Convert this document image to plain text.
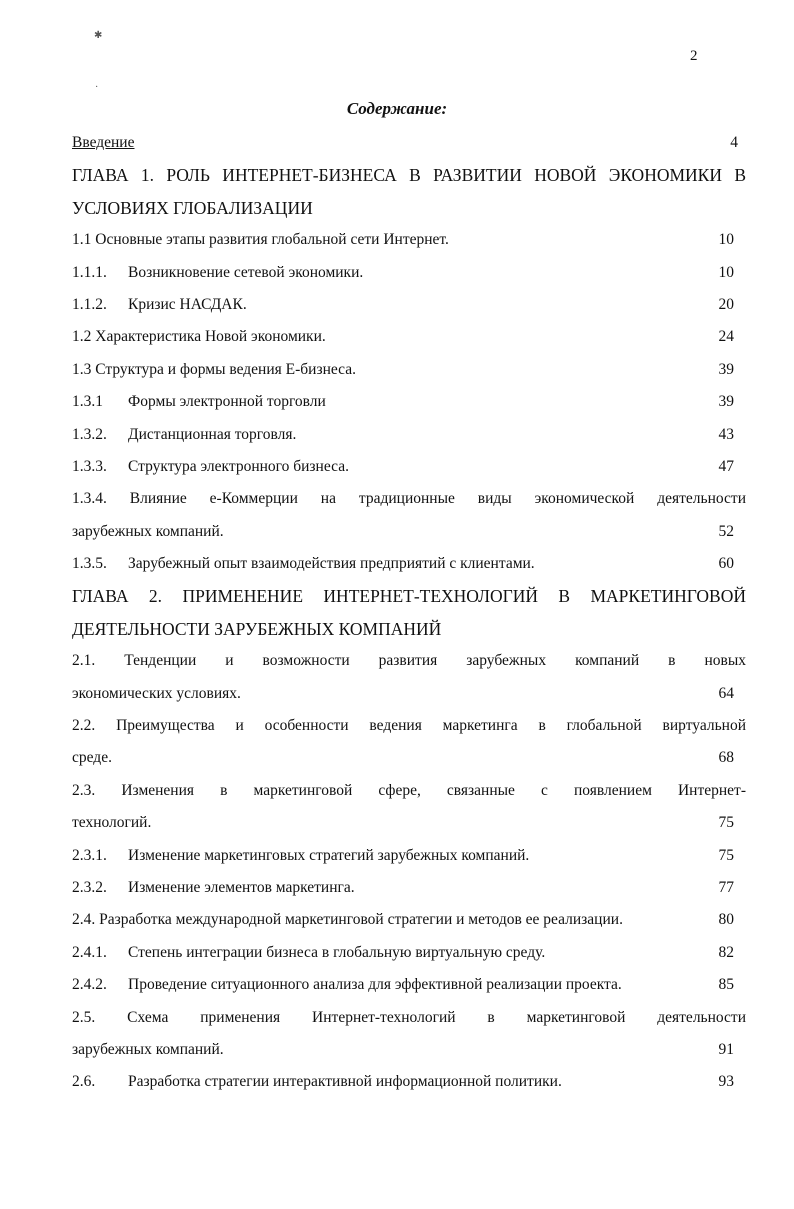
✱
·
2
Содержание:
Введение	4
ГЛАВА 1. РОЛЬ ИНТЕРНЕТ-БИЗНЕСА В РАЗВИТИИ НОВОЙ ЭКОНОМИКИ В
УСЛОВИЯХ ГЛОБАЛИЗАЦИИ
1.1 Основные этапы развития глобальной сети Интернет.	10
1.1.1. Возникновение сетевой экономики.	10
1.1.2. Кризис НАСДАК.	20
1.2 Характеристика Новой экономики.	24
1.3 Структура и формы ведения Е-бизнеса.	39
1.3.1 Формы электронной торговли	39
1.3.2. Дистанционная торговля.	43
1.3.3. Структура электронного бизнеса.	47
1.3.4. Влияние е-Коммерции на традиционные виды экономической деятельности
зарубежных компаний.	52
1.3.5. Зарубежный опыт взаимодействия предприятий с клиентами.	60
ГЛАВА 2. ПРИМЕНЕНИЕ ИНТЕРНЕТ-ТЕХНОЛОГИЙ В МАРКЕТИНГОВОЙ
ДЕЯТЕЛЬНОСТИ ЗАРУБЕЖНЫХ КОМПАНИЙ
2.1. Тенденции и возможности развития зарубежных компаний в новых
экономических условиях.	64
2.2. Преимущества и особенности ведения маркетинга в глобальной виртуальной
среде.	68
2.3. Изменения в маркетинговой сфере, связанные с появлением Интернет-
технологий.	75
2.3.1. Изменение маркетинговых стратегий зарубежных компаний.	75
2.3.2. Изменение элементов маркетинга.	77
2.4. Разработка международной маркетинговой стратегии и методов ее реализации.	80
2.4.1. Степень интеграции бизнеса в глобальную виртуальную среду.	82
2.4.2. Проведение ситуационного анализа для эффективной реализации проекта.	85
2.5. Схема применения Интернет-технологий в маркетинговой деятельности
зарубежных компаний.	91
2.6. Разработка стратегии интерактивной информационной политики.	93
